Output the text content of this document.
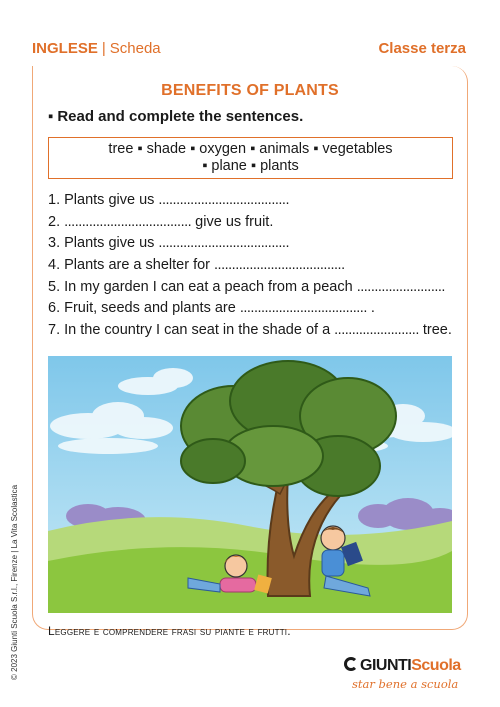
INGLESE | Scheda	Classe terza
BENEFITS OF PLANTS
▪ Read and complete the sentences.
tree ▪ shade ▪ oxygen ▪ animals ▪ vegetables
▪ plane ▪ plants
1. Plants give us .....................................
2. .................................... give us fruit.
3. Plants give us .....................................
4. Plants are a shelter for .....................................
5. In my garden I can eat a peach from a peach .........................
6. Fruit, seeds and plants are .................................... .
7. In the country I can seat in the shade of a ........................ tree.
Leggere e comprendere frasi su piante e frutti.
© 2023 Giunti Scuola S.r.l., Firenze | La Vita Scolastica	GIUNTIScuola
star bene a scuola
